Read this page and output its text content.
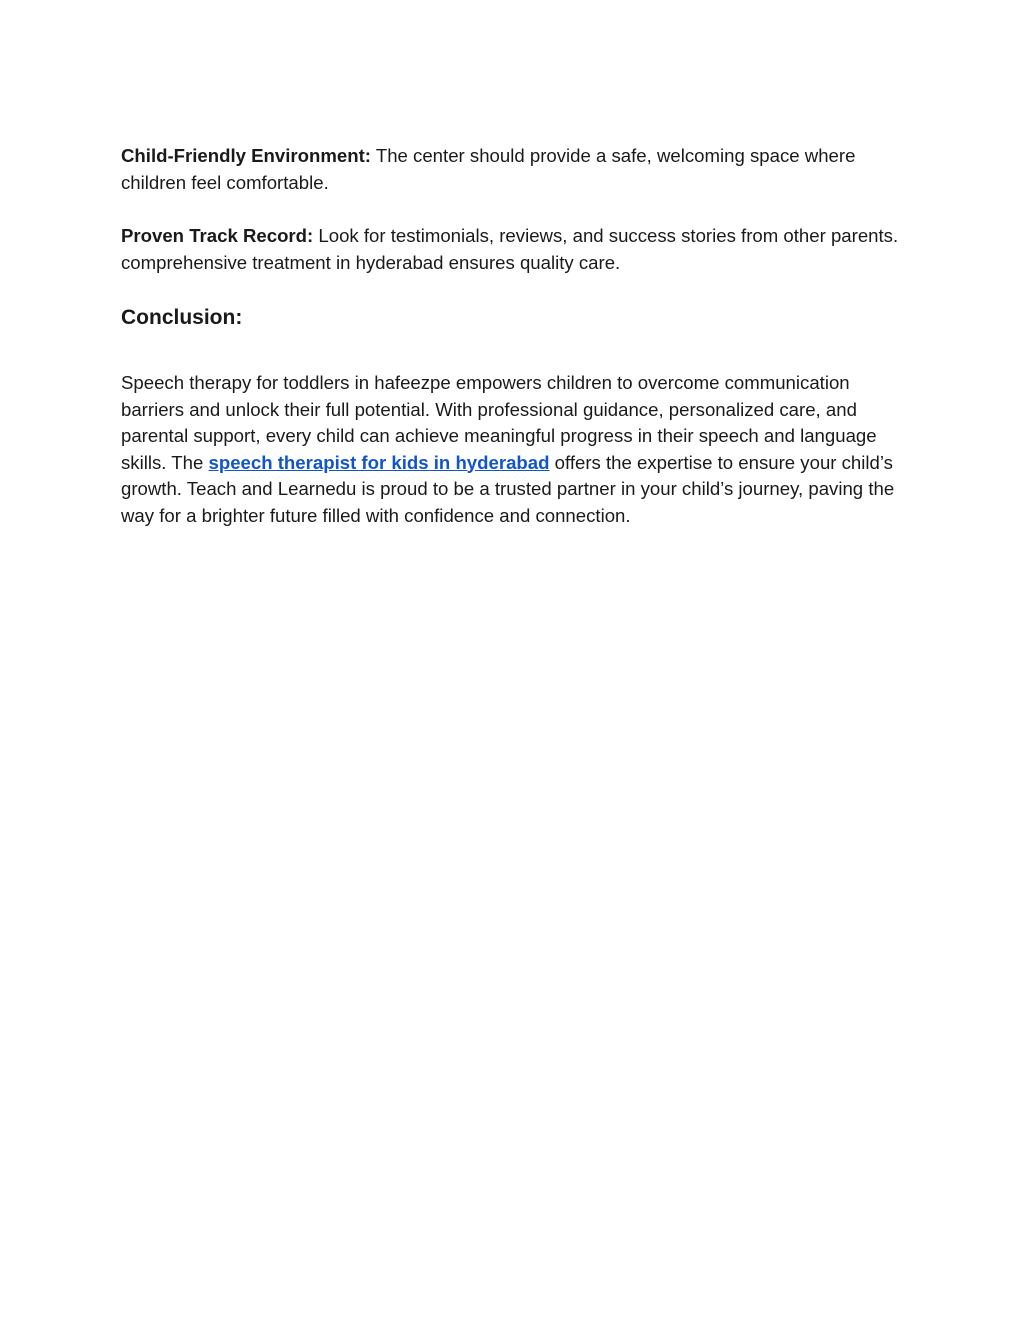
Child-Friendly Environment: The center should provide a safe, welcoming space where children feel comfortable.

Proven Track Record: Look for testimonials, reviews, and success stories from other parents. comprehensive treatment in hyderabad ensures quality care.

Conclusion:

Speech therapy for toddlers in hafeezpe empowers children to overcome communication barriers and unlock their full potential. With professional guidance, personalized care, and parental support, every child can achieve meaningful progress in their speech and language skills. The speech therapist for kids in hyderabad offers the expertise to ensure your child’s growth. Teach and Learnedu is proud to be a trusted partner in your child’s journey, paving the way for a brighter future filled with confidence and connection.
